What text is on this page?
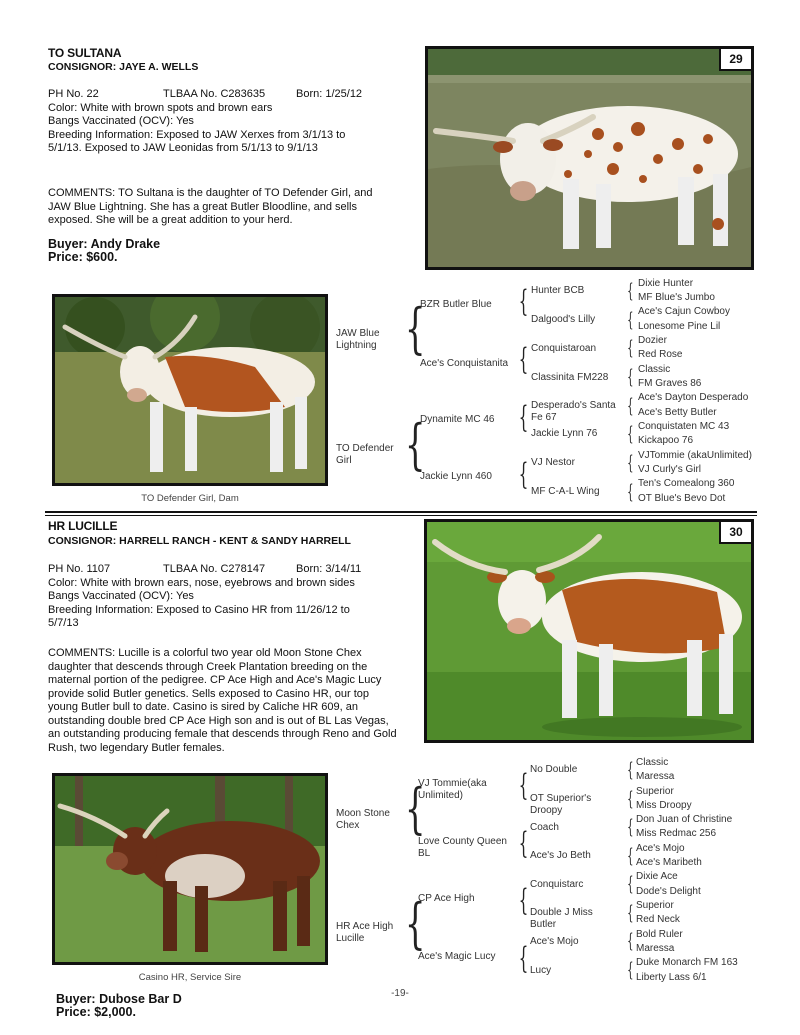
TO SULTANA
CONSIGNOR: JAYE A. WELLS
PH No. 22	TLBAA No. C283635	Born: 1/25/12
Color: White with brown spots and brown ears
Bangs Vaccinated (OCV): Yes
Breeding Information: Exposed to JAW Xerxes from 3/1/13 to 5/1/13. Exposed to JAW Leonidas from 5/1/13 to 9/1/13
COMMENTS: TO Sultana is the daughter of TO Defender Girl, and JAW Blue Lightning. She has a great Butler Bloodline, and sells exposed. She will be a great addition to your herd.
Buyer: Andy Drake
Price: $600.
29
TO Defender Girl, Dam
JAW Blue Lightning
TO Defender Girl
{
{
BZR Butler Blue
Ace's Conquistanita
Dynamite MC 46
Jackie Lynn 460
{
{
{
{
Hunter BCB
Dalgood's Lilly
Conquistaroan
Classinita FM228
Desperado's Santa Fe 67
Jackie Lynn 76
VJ Nestor
MF C-A-L Wing
{
{
{
{
{
{
{
{
Dixie Hunter
MF Blue's Jumbo
Ace's Cajun Cowboy
Lonesome Pine Lil
Dozier
Red Rose
Classic
FM Graves 86
Ace's Dayton Desperado
Ace's Betty Butler
Conquistaten MC 43
Kickapoo 76
VJTommie (akaUnlimited)
VJ Curly's Girl
Ten's Comealong 360
OT Blue's Bevo Dot
HR LUCILLE
CONSIGNOR: HARRELL RANCH - KENT & SANDY HARRELL
PH No. 1107	TLBAA No. C278147	Born: 3/14/11
Color: White with brown ears, nose, eyebrows and brown sides
Bangs Vaccinated (OCV): Yes
Breeding Information: Exposed to Casino HR from 11/26/12 to 5/7/13
COMMENTS: Lucille is a colorful two year old Moon Stone Chex daughter that descends through Creek Plantation breeding on the maternal portion of the pedigree. CP Ace High and Ace's Magic Lucy provide solid Butler genetics. Sells exposed to Casino HR, our top young Butler bull to date. Casino is sired by Caliche HR 609, an outstanding double bred CP Ace High son and is out of BL Las Vegas, an outstanding producing female that descends through Reno and Gold Rush, two legendary Butler females.
30
Casino HR, Service Sire
Buyer: Dubose Bar D
Price: $2,000.
Moon Stone Chex
HR Ace High Lucille
{
{
VJ Tommie(aka Unlimited)
Love County Queen BL
CP Ace High
Ace's Magic Lucy
{
{
{
{
No Double
OT Superior's Droopy
Coach
Ace's Jo Beth
Conquistarc
Double J Miss Butler
Ace's Mojo
Lucy
{
{
{
{
{
{
{
{
Classic
Maressa
Superior
Miss Droopy
Don Juan of Christine
Miss Redmac 256
Ace's Mojo
Ace's Maribeth
Dixie Ace
Dode's Delight
Superior
Red Neck
Bold Ruler
Maressa
Duke Monarch FM 163
Liberty Lass 6/1
-19-
